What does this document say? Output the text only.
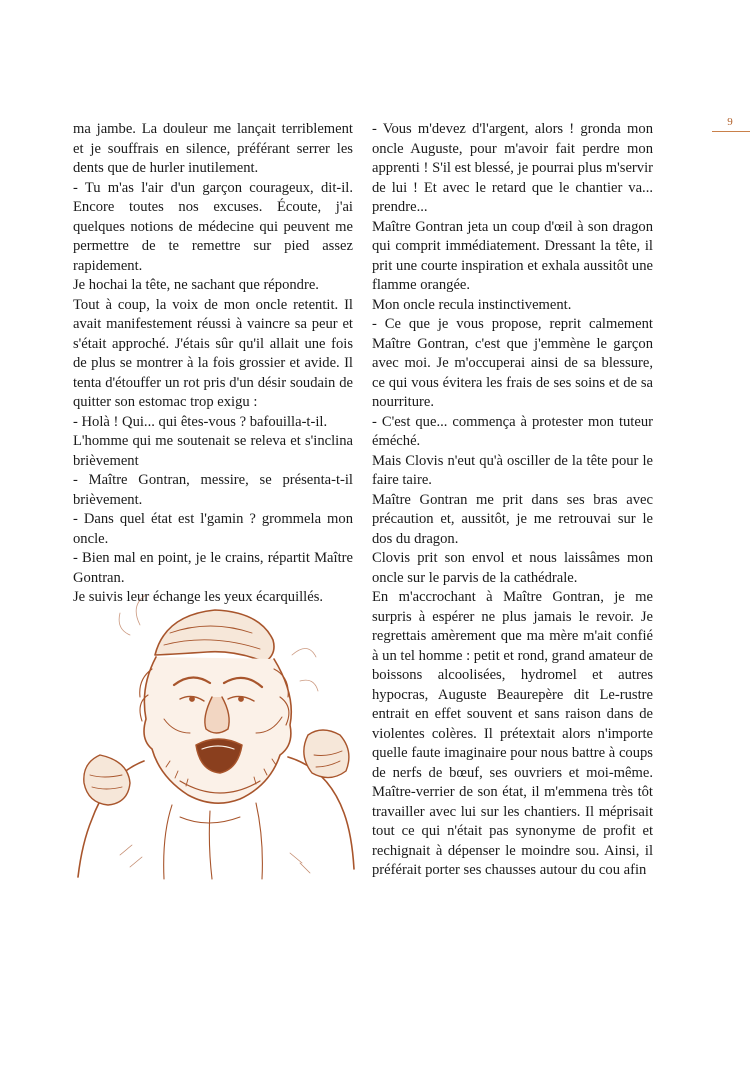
9

ma jambe. La douleur me lançait terriblement et je souffrais en silence, préférant serrer les dents que de hurler inutilement.

- Tu m'as l'air d'un garçon courageux, dit-il. Encore toutes nos excuses. Écoute, j'ai quelques notions de médecine qui peuvent me permettre de te remettre sur pied assez rapidement.

Je hochai la tête, ne sachant que répondre.

Tout à coup, la voix de mon oncle retentit. Il avait manifestement réussi à vaincre sa peur et s'était approché. J'étais sûr qu'il allait une fois de plus se montrer à la fois grossier et avide. Il tenta d'étouffer un rot pris d'un désir soudain de quitter son estomac trop exigu :

- Holà ! Qui... qui êtes-vous ? bafouilla-t-il.

L'homme qui me soutenait se releva et s'inclina brièvement

- Maître Gontran, messire, se présenta-t-il brièvement.

- Dans quel état est l'gamin ? grommela mon oncle.

- Bien mal en point, je le crains, répartit Maître Gontran.

Je suivis leur échange les yeux écarquillés.

- Vous m'devez d'l'argent, alors ! gronda mon oncle Auguste, pour m'avoir fait perdre mon apprenti ! S'il est blessé, je pourrai plus m'servir de lui ! Et avec le retard que le chantier va... prendre...

Maître Gontran jeta un coup d'œil à son dragon qui comprit immédiatement. Dressant la tête, il prit une courte inspiration et exhala aussitôt une flamme orangée.

Mon oncle recula instinctivement.

- Ce que je vous propose, reprit calmement Maître Gontran, c'est que j'emmène le garçon avec moi. Je m'occuperai ainsi de sa blessure, ce qui vous évitera les frais de ses soins et de sa nourriture.

- C'est que... commença à protester mon tuteur éméché.

Mais Clovis n'eut qu'à osciller de la tête pour le faire taire.

Maître Gontran me prit dans ses bras avec précaution et, aussitôt, je me retrouvai sur le dos du dragon.

Clovis prit son envol et nous laissâmes mon oncle sur le parvis de la cathédrale.

En m'accrochant à Maître Gontran, je me surpris à espérer ne plus jamais le revoir. Je regrettais amèrement que ma mère m'ait confié à un tel homme : petit et rond, grand amateur de boissons alcoolisées, hydromel et autres hypocras, Auguste Beaurepère dit Le-rustre entrait en effet souvent et sans raison dans de violentes colères. Il prétextait alors n'importe quelle faute imaginaire pour nous battre à coups de nerfs de bœuf, ses ouvriers et moi-même. Maître-verrier de son état, il m'emmena très tôt travailler avec lui sur les chantiers. Il méprisait tout ce qui n'était pas synonyme de profit et rechignait à dépenser le moindre sou. Ainsi, il préférait porter ses chausses autour du cou afin
